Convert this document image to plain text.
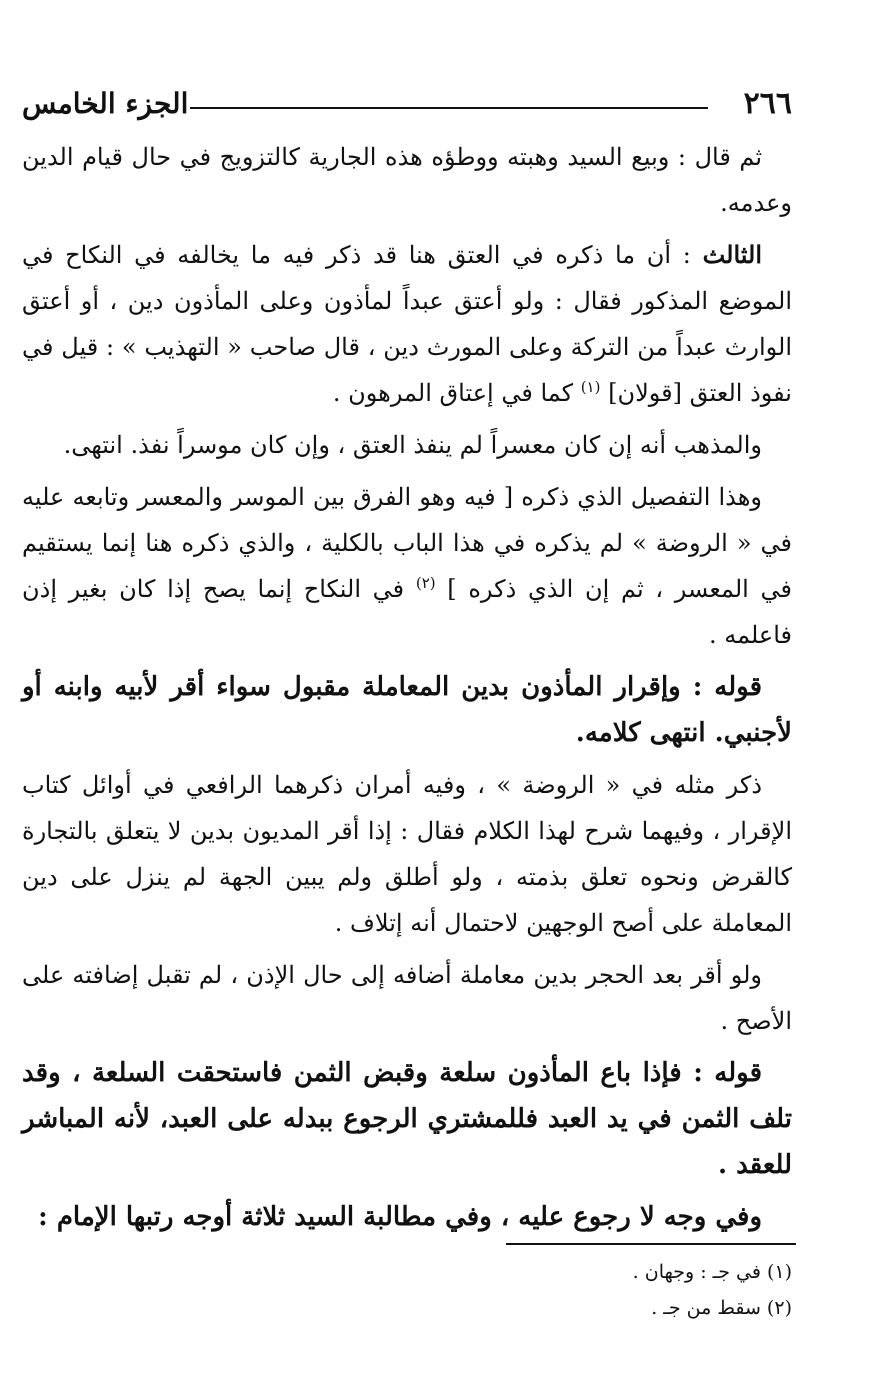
٢٦٦
الجزء الخامس

ثم قال : وبيع السيد وهبته ووطؤه هذه الجارية كالتزويج في حال قيام الدين وعدمه.

الثالث : أن ما ذكره في العتق هنا قد ذكر فيه ما يخالفه في النكاح في الموضع المذكور فقال : ولو أعتق عبداً لمأذون وعلى المأذون دين ، أو أعتق الوارث عبداً من التركة وعلى المورث دين ، قال صاحب « التهذيب » : قيل في نفوذ العتق [قولان] $^{(١)}$ كما في إعتاق المرهون .

والمذهب أنه إن كان معسراً لم ينفذ العتق ، وإن كان موسراً نفذ. انتهى.

وهذا التفصيل الذي ذكره [ فيه وهو الفرق بين الموسر والمعسر وتابعه عليه في « الروضة » لم يذكره في هذا الباب بالكلية ، والذي ذكره هنا إنما يستقيم في المعسر ، ثم إن الذي ذكره ] $^{(٢)}$ في النكاح إنما يصح إذا كان بغير إذن فاعلمه .

قوله : وإقرار المأذون بدين المعاملة مقبول سواء أقر لأبيه وابنه أو لأجنبي. انتهى كلامه.

ذكر مثله في « الروضة » ، وفيه أمران ذكرهما الرافعي في أوائل كتاب الإقرار ، وفيهما شرح لهذا الكلام فقال : إذا أقر المديون بدين لا يتعلق بالتجارة كالقرض ونحوه تعلق بذمته ، ولو أطلق ولم يبين الجهة لم ينزل على دين المعاملة على أصح الوجهين لاحتمال أنه إتلاف .

ولو أقر بعد الحجر بدين معاملة أضافه إلى حال الإذن ، لم تقبل إضافته على الأصح .

قوله : فإذا باع المأذون سلعة وقبض الثمن فاستحقت السلعة ، وقد تلف الثمن في يد العبد فللمشتري الرجوع ببدله على العبد، لأنه المباشر للعقد .

وفي وجه لا رجوع عليه ، وفي مطالبة السيد ثلاثة أوجه رتبها الإمام :

(١) في جـ : وجهان .
(٢) سقط من جـ .
